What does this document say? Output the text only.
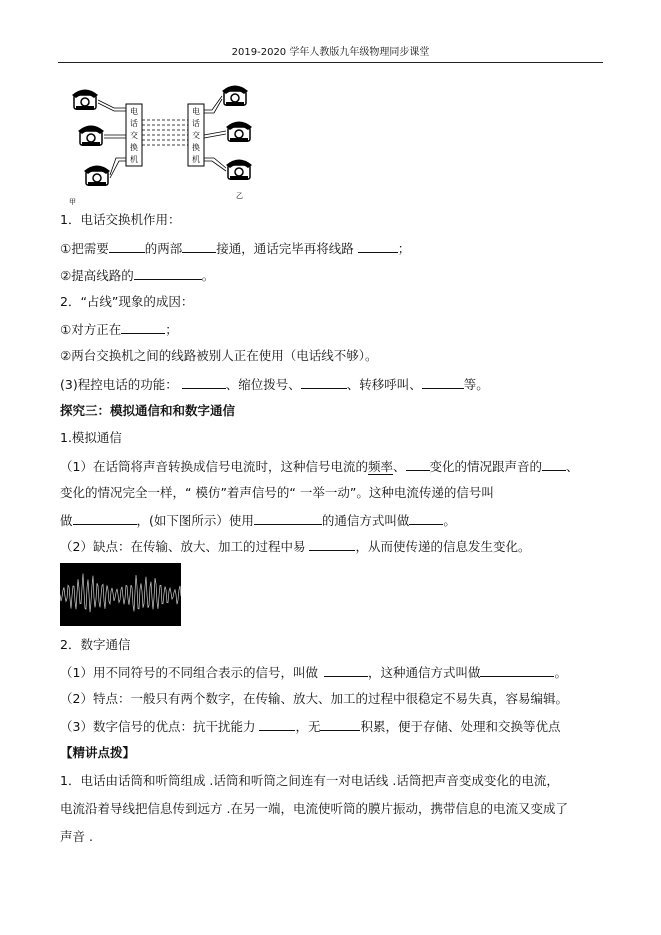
2019-2020 学年人教版九年级物理同步课堂
电
话
交
换
机
电
话
交
换
机
甲
乙
1．电话交换机作用：
①把需要	的两部	接通，通话完毕再将线路	；
②提高线路的	。
2．“占线”现象的成因：
①对方正在	；
②两台交换机之间的线路被别人正在使用（电话线不够）。
(3)程控电话的功能：	、缩位拨号、	、转移呼叫、	等。
探究三：模拟通信和和数字通信
1.模拟通信
（1）在话筒将声音转换成信号电流时，这种信号电流的频率、 变化的情况跟声音的 、
变化的情况完全一样，“ 模仿”着声信号的“ 一举一动”。这种电流传递的信号叫
做	，(如下图所示）使用	的通信方式叫做	。
（2）缺点：在传输、放大、加工的过程中易	，从而使传递的信息发生变化。
2．数字通信
（1）用不同符号的不同组合表示的信号，叫做	，这种通信方式叫做	。
（2）特点：一般只有两个数字，在传输、放大、加工的过程中很稳定不易失真，容易编辑。
（3）数字信号的优点：抗干扰能力	，无	积累，便于存储、处理和交换等优点
【精讲点拨】
1．电话由话筒和听筒组成 .话筒和听筒之间连有一对电话线 .话筒把声音变成变化的电流，
电流沿着导线把信息传到远方 .在另一端，电流使听筒的膜片振动，携带信息的电流又变成了
声音 .
